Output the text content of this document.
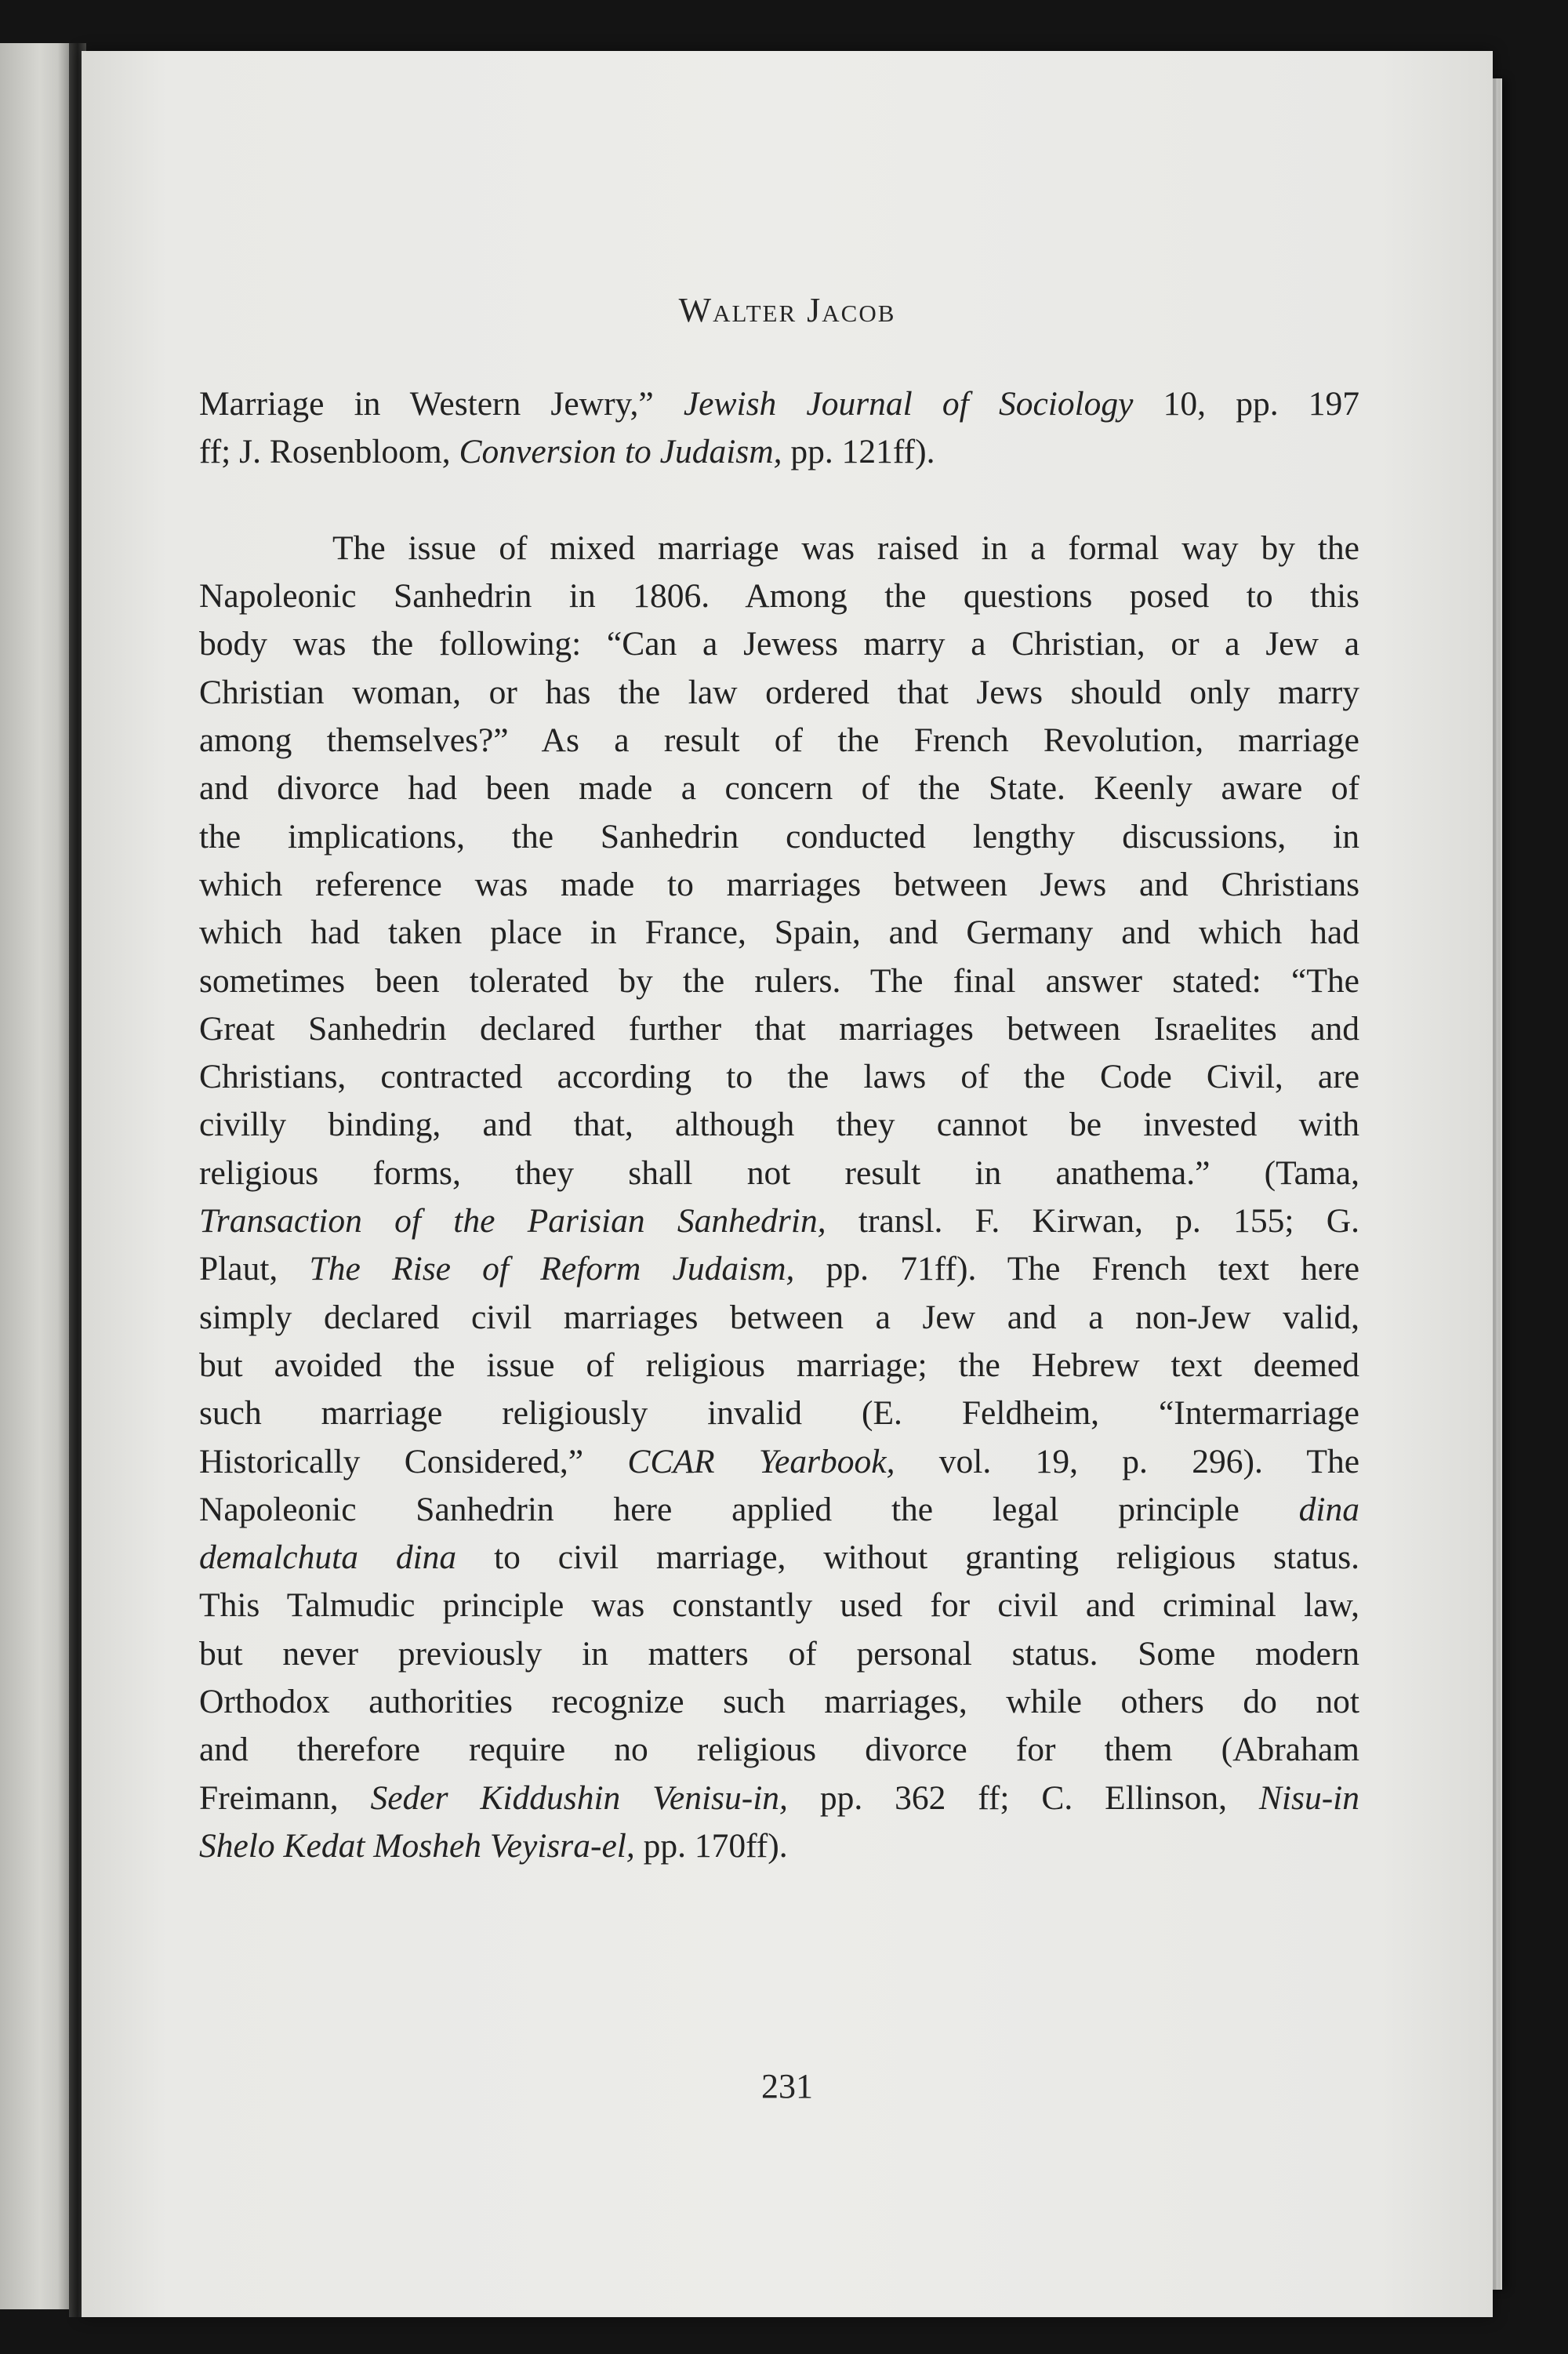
Walter Jacob
Marriage in Western Jewry,” Jewish Journal of Sociology 10, pp. 197
ff; J. Rosenbloom, Conversion to Judaism, pp. 121ff).
The issue of mixed marriage was raised in a formal way by the
Napoleonic Sanhedrin in 1806. Among the questions posed to this
body was the following: “Can a Jewess marry a Christian, or a Jew a
Christian woman, or has the law ordered that Jews should only marry
among themselves?” As a result of the French Revolution, marriage
and divorce had been made a concern of the State. Keenly aware of
the implications, the Sanhedrin conducted lengthy discussions, in
which reference was made to marriages between Jews and Christians
which had taken place in France, Spain, and Germany and which had
sometimes been tolerated by the rulers. The final answer stated: “The
Great Sanhedrin declared further that marriages between Israelites and
Christians, contracted according to the laws of the Code Civil, are
civilly binding, and that, although they cannot be invested with
religious forms, they shall not result in anathema.” (Tama,
Transaction of the Parisian Sanhedrin, transl. F. Kirwan, p. 155; G.
Plaut, The Rise of Reform Judaism, pp. 71ff). The French text here
simply declared civil marriages between a Jew and a non-Jew valid,
but avoided the issue of religious marriage; the Hebrew text deemed
such marriage religiously invalid (E. Feldheim, “Intermarriage
Historically Considered,” CCAR Yearbook, vol. 19, p. 296). The
Napoleonic Sanhedrin here applied the legal principle dina
demalchuta dina to civil marriage, without granting religious status.
This Talmudic principle was constantly used for civil and criminal law,
but never previously in matters of personal status. Some modern
Orthodox authorities recognize such marriages, while others do not
and therefore require no religious divorce for them (Abraham
Freimann, Seder Kiddushin Venisu-in, pp. 362 ff; C. Ellinson, Nisu-in
Shelo Kedat Mosheh Veyisra-el, pp. 170ff).
231
